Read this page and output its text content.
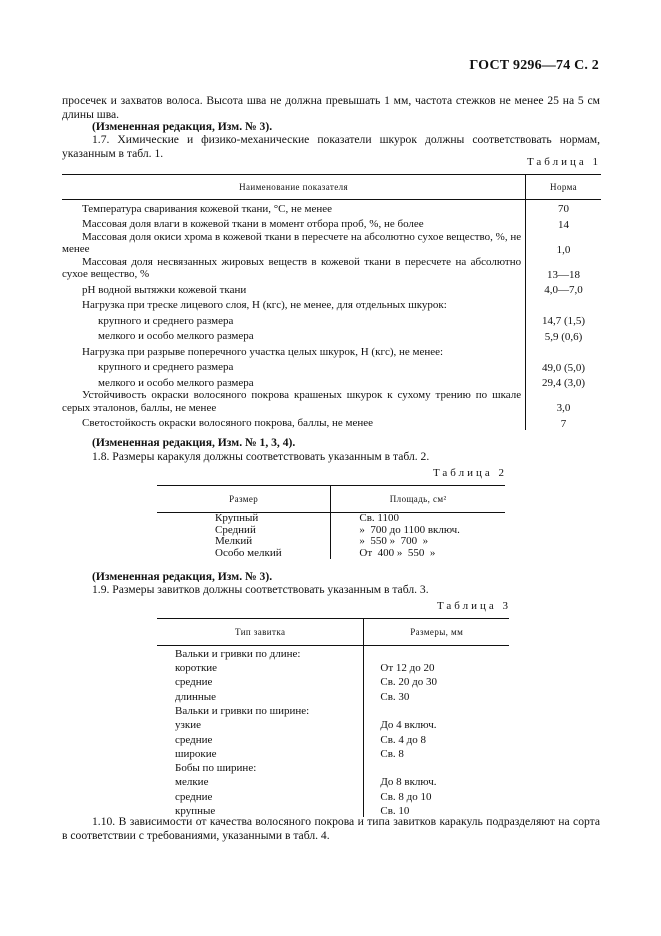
ГОСТ 9296—74 С. 2
просечек и захватов волоса. Высота шва не должна превышать 1 мм, частота стежков не менее 25 на 5 см длины шва.
(Измененная редакция, Изм. № 3).
1.7. Химические и физико-механические показатели шкурок должны соответствовать нормам, указанным в табл. 1.
Таблица 1
Наименование показателя	Норма
Температура сваривания кожевой ткани, °С, не менее	70
Массовая доля влаги в кожевой ткани в момент отбора проб, %, не более	14
Массовая доля окиси хрома в кожевой ткани в пересчете на абсолютно сухое вещество, %, не менее	1,0
Массовая доля несвязанных жировых веществ в кожевой ткани в пересчете на абсолютно сухое вещество, %	13—18
pH водной вытяжки кожевой ткани	4,0—7,0
Нагрузка при треске лицевого слоя, Н (кгс), не менее, для отдельных шкурок:	
крупного и среднего размера	14,7 (1,5)
мелкого и особо мелкого размера	5,9 (0,6)
Нагрузка при разрыве поперечного участка целых шкурок, Н (кгс), не менее:	
крупного и среднего размера	49,0 (5,0)
мелкого и особо мелкого размера	29,4 (3,0)
Устойчивость окраски волосяного покрова крашеных шкурок к сухому трению по шкале серых эталонов, баллы, не менее	3,0
Светостойкость окраски волосяного покрова, баллы, не менее	7
(Измененная редакция, Изм. № 1, 3, 4).
1.8. Размеры каракуля должны соответствовать указанным в табл. 2.
Таблица 2
Размер	Площадь, см²
Крупный	Св. 1100
Средний	»  700 до 1100 включ.
Мелкий	»  550 »  700  »
Особо мелкий	От  400 »  550  »
(Измененная редакция, Изм. № 3).
1.9. Размеры завитков должны соответствовать указанным в табл. 3.
Таблица 3
Тип завитка	Размеры, мм
Вальки и гривки по длине:	
короткие	От 12 до 20
средние	Св. 20 до 30
длинные	Св. 30
Вальки и гривки по ширине:	
узкие	До 4 включ.
средние	Св. 4 до 8
широкие	Св. 8
Бобы по ширине:	
мелкие	До 8 включ.
средние	Св. 8 до 10
крупные	Св. 10
1.10. В зависимости от качества волосяного покрова и типа завитков каракуль подразделяют на сорта в соответствии с требованиями, указанными в табл. 4.
